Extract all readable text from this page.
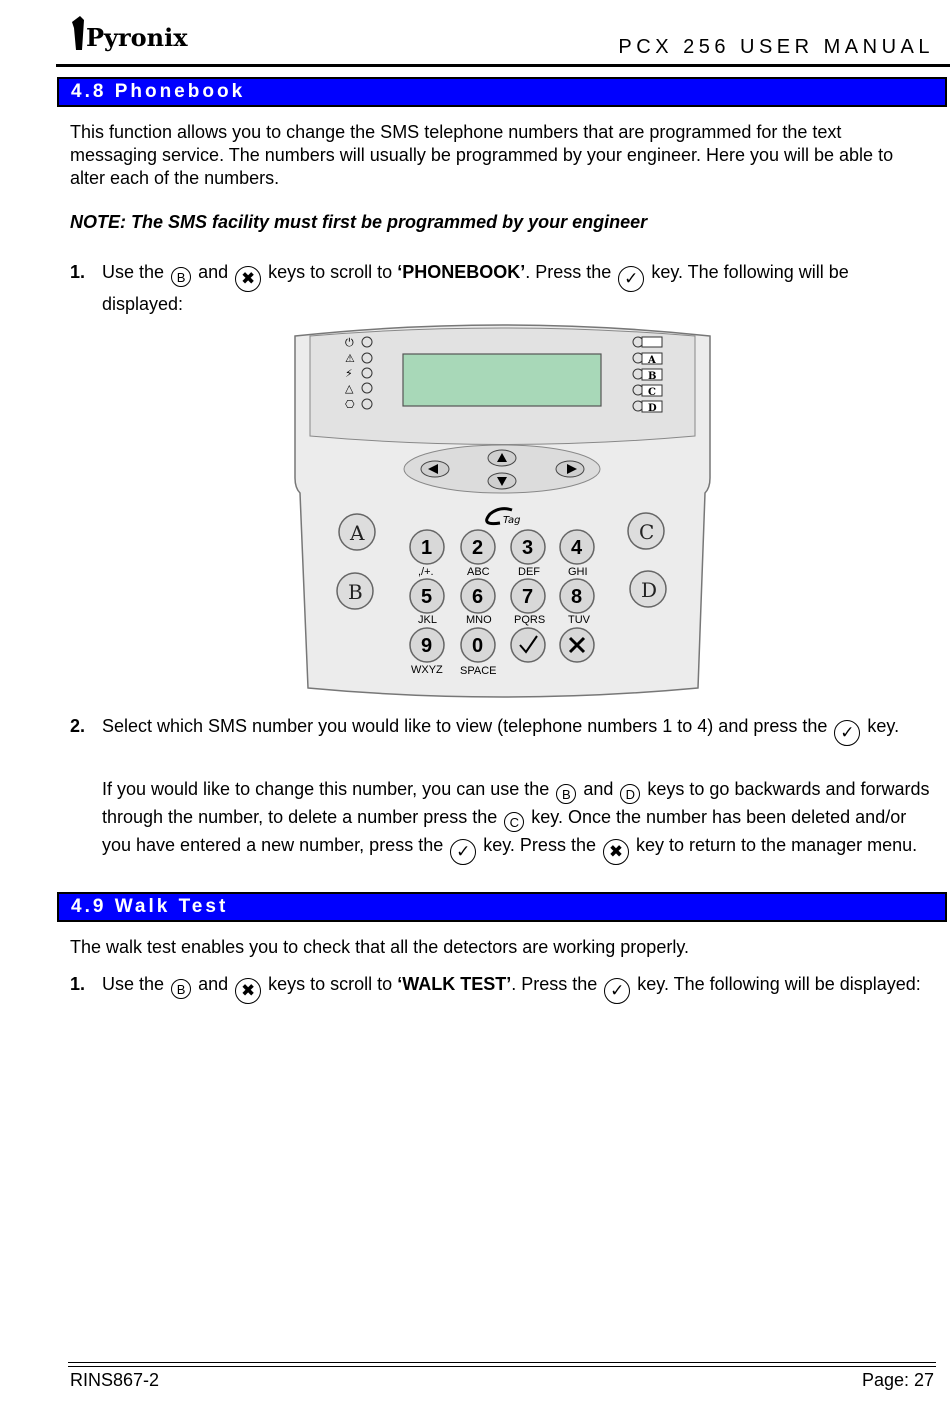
Pyronix	PCX 256 USER MANUAL
4.8 Phonebook
This function allows you to change the SMS telephone numbers that are programmed for the text messaging service. The numbers will usually be programmed by your engineer. Here you will be able to alter each of the numbers.
NOTE: The SMS facility must first be programmed by your engineer
1. Use the B and ✖ keys to scroll to ‘PHONEBOOK’. Press the ✓ key. The following will be displayed:
⏻
⚠
⚡
△
⎔
A
B
C
D
Tag
A
B
C
D
1
,/+.
2
ABC
3
DEF
4
GHI
5
JKL
6
MNO
7
PQRS
8
TUV
9
WXYZ
0
SPACE
2. Select which SMS number you would like to view (telephone numbers 1 to 4) and press the ✓ key.
If you would like to change this number, you can use the B and D keys to go backwards and forwards through the number, to delete a number press the C key. Once the number has been deleted and/or you have entered a new number, press the ✓ key. Press the ✖ key to return to the manager menu.
4.9 Walk Test
The walk test enables you to check that all the detectors are working properly.
1. Use the B and ✖ keys to scroll to ‘WALK TEST’. Press the ✓ key. The following will be displayed:
RINS867-2	Page: 27
